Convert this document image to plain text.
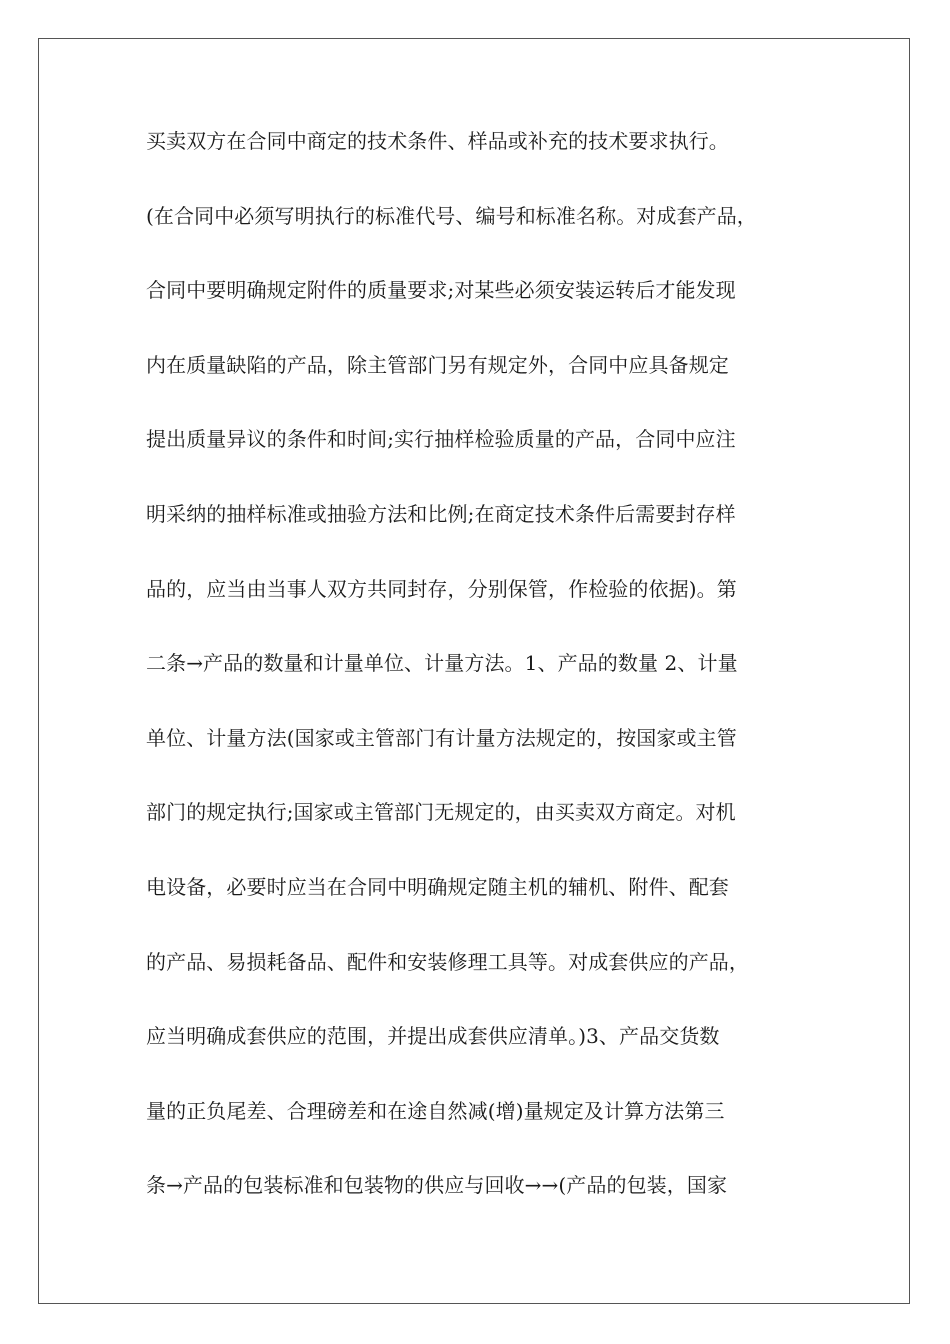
买卖双方在合同中商定的技术条件、样品或补充的技术要求执行。
(在合同中必须写明执行的标准代号、编号和标准名称。对成套产品，
合同中要明确规定附件的质量要求;对某些必须安装运转后才能发现
内在质量缺陷的产品，除主管部门另有规定外，合同中应具备规定
提出质量异议的条件和时间;实行抽样检验质量的产品，合同中应注
明采纳的抽样标准或抽验方法和比例;在商定技术条件后需要封存样
品的，应当由当事人双方共同封存，分别保管，作检验的依据)。第
二条→产品的数量和计量单位、计量方法。1、产品的数量 2、计量
单位、计量方法(国家或主管部门有计量方法规定的，按国家或主管
部门的规定执行;国家或主管部门无规定的，由买卖双方商定。对机
电设备，必要时应当在合同中明确规定随主机的辅机、附件、配套
的产品、易损耗备品、配件和安装修理工具等。对成套供应的产品，
应当明确成套供应的范围，并提出成套供应清单。)3、产品交货数
量的正负尾差、合理磅差和在途自然减(增)量规定及计算方法第三
条→产品的包装标准和包装物的供应与回收→→(产品的包装，国家
